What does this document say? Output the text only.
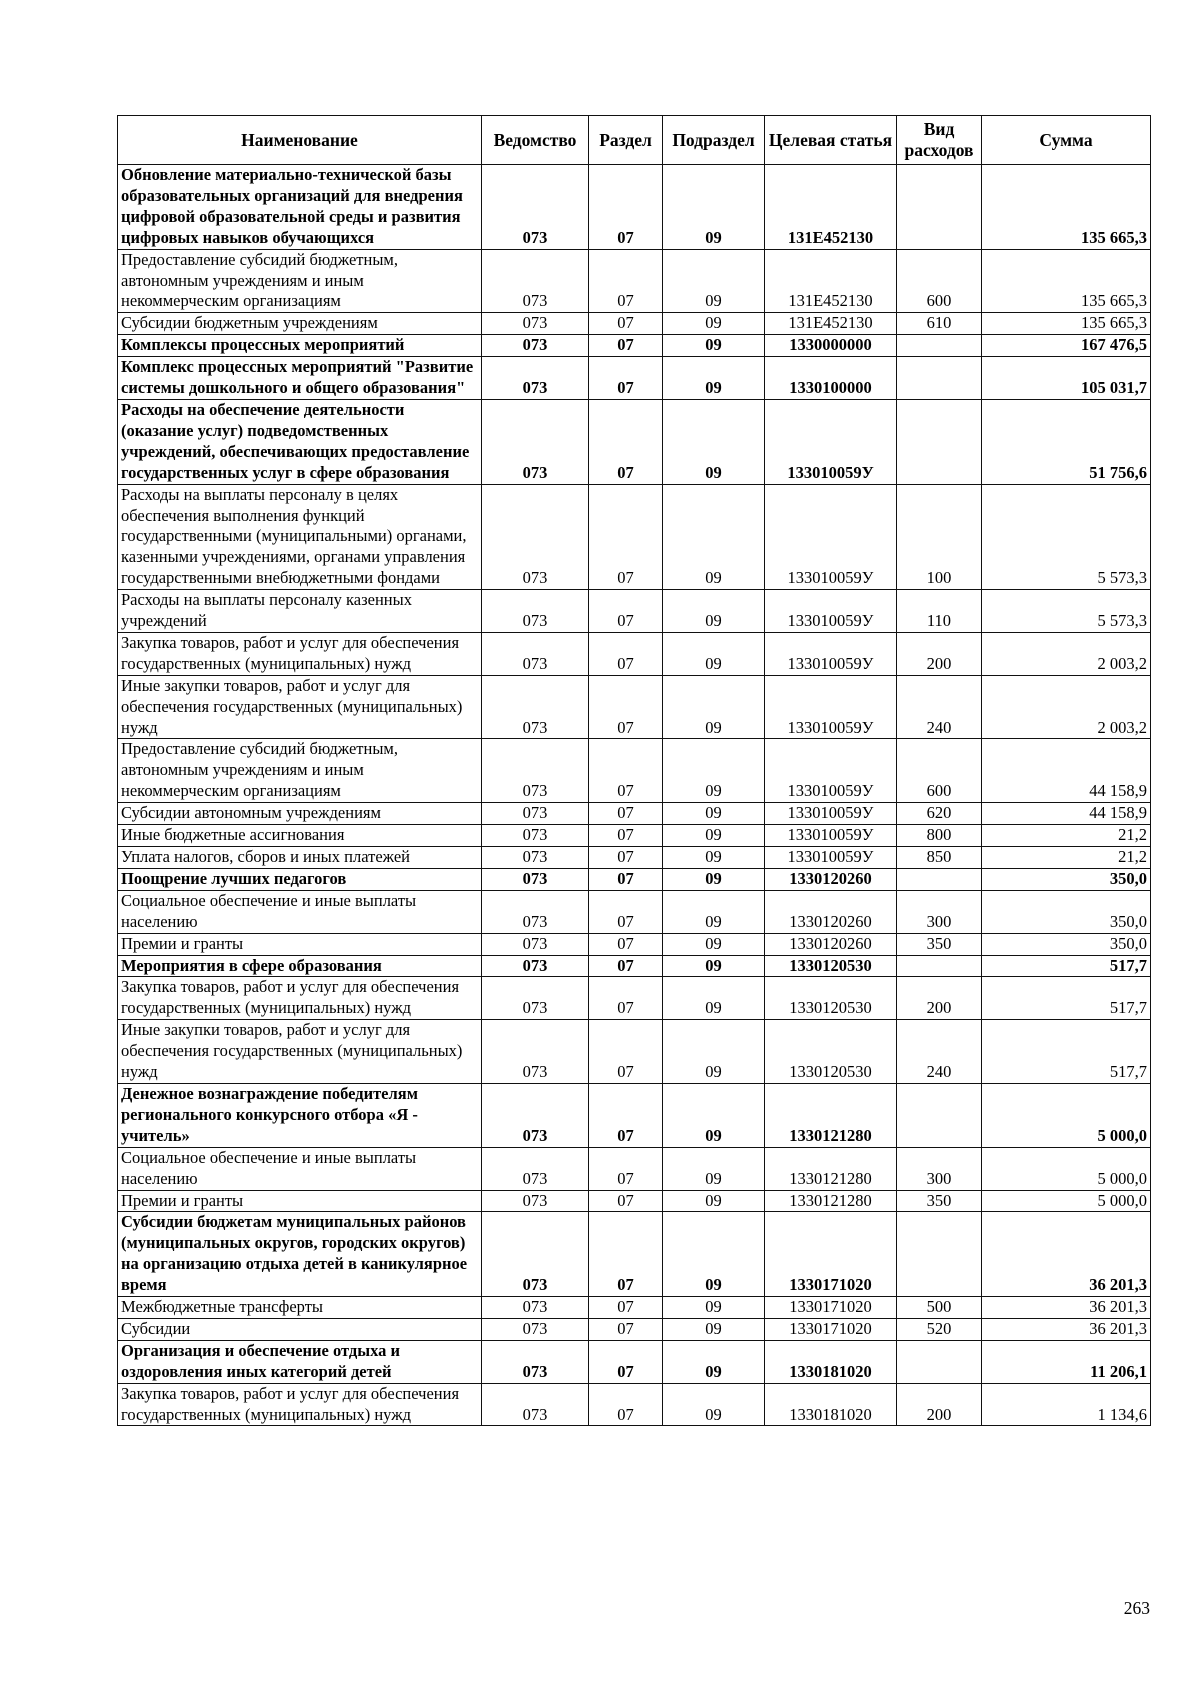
Наименование	Ведомство	Раздел	Подраздел	Целевая статья	Вид расходов	Сумма
Обновление материально-технической базы образовательных организаций для внедрения цифровой образовательной среды и развития цифровых навыков обучающихся	073	07	09	131E452130		135 665,3
Предоставление субсидий бюджетным, автономным учреждениям и иным некоммерческим организациям	073	07	09	131E452130	600	135 665,3
Субсидии бюджетным учреждениям	073	07	09	131E452130	610	135 665,3
Комплексы процессных мероприятий	073	07	09	1330000000		167 476,5
Комплекс процессных мероприятий "Развитие системы дошкольного и общего образования"	073	07	09	1330100000		105 031,7
Расходы на обеспечение деятельности (оказание услуг) подведомственных учреждений, обеспечивающих предоставление государственных услуг в сфере образования	073	07	09	133010059У		51 756,6
Расходы на выплаты персоналу в целях обеспечения выполнения функций государственными (муниципальными) органами, казенными учреждениями, органами управления государственными внебюджетными фондами	073	07	09	133010059У	100	5 573,3
Расходы на выплаты персоналу казенных учреждений	073	07	09	133010059У	110	5 573,3
Закупка товаров, работ и услуг для обеспечения государственных (муниципальных) нужд	073	07	09	133010059У	200	2 003,2
Иные закупки товаров, работ и услуг для обеспечения государственных (муниципальных) нужд	073	07	09	133010059У	240	2 003,2
Предоставление субсидий бюджетным, автономным учреждениям и иным некоммерческим организациям	073	07	09	133010059У	600	44 158,9
Субсидии автономным учреждениям	073	07	09	133010059У	620	44 158,9
Иные бюджетные ассигнования	073	07	09	133010059У	800	21,2
Уплата налогов, сборов и иных платежей	073	07	09	133010059У	850	21,2
Поощрение лучших педагогов	073	07	09	1330120260		350,0
Социальное обеспечение и иные выплаты населению	073	07	09	1330120260	300	350,0
Премии и гранты	073	07	09	1330120260	350	350,0
Мероприятия в сфере образования	073	07	09	1330120530		517,7
Закупка товаров, работ и услуг для обеспечения государственных (муниципальных) нужд	073	07	09	1330120530	200	517,7
Иные закупки товаров, работ и услуг для обеспечения государственных (муниципальных) нужд	073	07	09	1330120530	240	517,7
Денежное вознаграждение победителям регионального конкурсного отбора «Я - учитель»	073	07	09	1330121280		5 000,0
Социальное обеспечение и иные выплаты населению	073	07	09	1330121280	300	5 000,0
Премии и гранты	073	07	09	1330121280	350	5 000,0
Субсидии бюджетам муниципальных районов (муниципальных округов, городских округов) на организацию отдыха детей в каникулярное время	073	07	09	1330171020		36 201,3
Межбюджетные трансферты	073	07	09	1330171020	500	36 201,3
Субсидии	073	07	09	1330171020	520	36 201,3
Организация и обеспечение отдыха и оздоровления иных категорий детей	073	07	09	1330181020		11 206,1
Закупка товаров, работ и услуг для обеспечения государственных (муниципальных) нужд	073	07	09	1330181020	200	1 134,6
263
